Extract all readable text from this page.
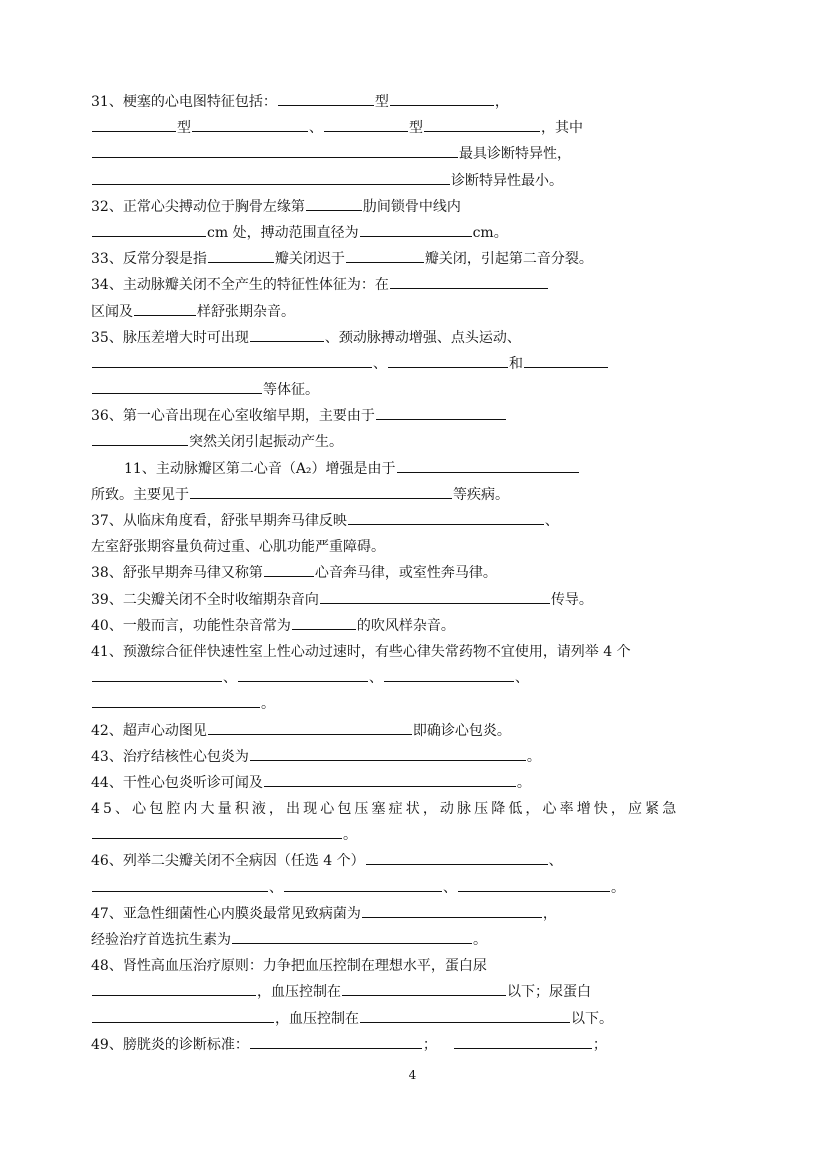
31、梗塞的心电图特征包括：	型	，
型	、	型	，其中
最具诊断特异性，
诊断特异性最小。
32、正常心尖搏动位于胸骨左缘第	肋间锁骨中线内
cm 处，搏动范围直径为	cm。
33、反常分裂是指	瓣关闭迟于	瓣关闭，引起第二音分裂。
34、主动脉瓣关闭不全产生的特征性体征为：在
区闻及	样舒张期杂音。
35、脉压差增大时可出现	、颈动脉搏动增强、点头运动、
、	和
等体征。
36、第一心音出现在心室收缩早期，主要由于
突然关闭引起振动产生。
11、主动脉瓣区第二心音（A₂）增强是由于
所致。主要见于	等疾病。
37、从临床角度看，舒张早期奔马律反映	、
左室舒张期容量负荷过重、心肌功能严重障碍。
38、舒张早期奔马律又称第	心音奔马律，或室性奔马律。
39、二尖瓣关闭不全时收缩期杂音向	传导。
40、一般而言，功能性杂音常为	的吹风样杂音。
41、预激综合征伴快速性室上性心动过速时，有些心律失常药物不宜使用，请列举 4 个
、	、	、
。
42、超声心动图见	即确诊心包炎。
43、治疗结核性心包炎为	。
44、干性心包炎听诊可闻及	。
45、心包腔内大量积液，出现心包压塞症状，动脉压降低，心率增快，应紧急
。
46、列举二尖瓣关闭不全病因（任选 4 个）	、
、	、	。
47、亚急性细菌性心内膜炎最常见致病菌为	，
经验治疗首选抗生素为	。
48、肾性高血压治疗原则：力争把血压控制在理想水平，蛋白尿
，血压控制在	以下；尿蛋白
，血压控制在	以下。
49、膀胱炎的诊断标准：	；	；
4
